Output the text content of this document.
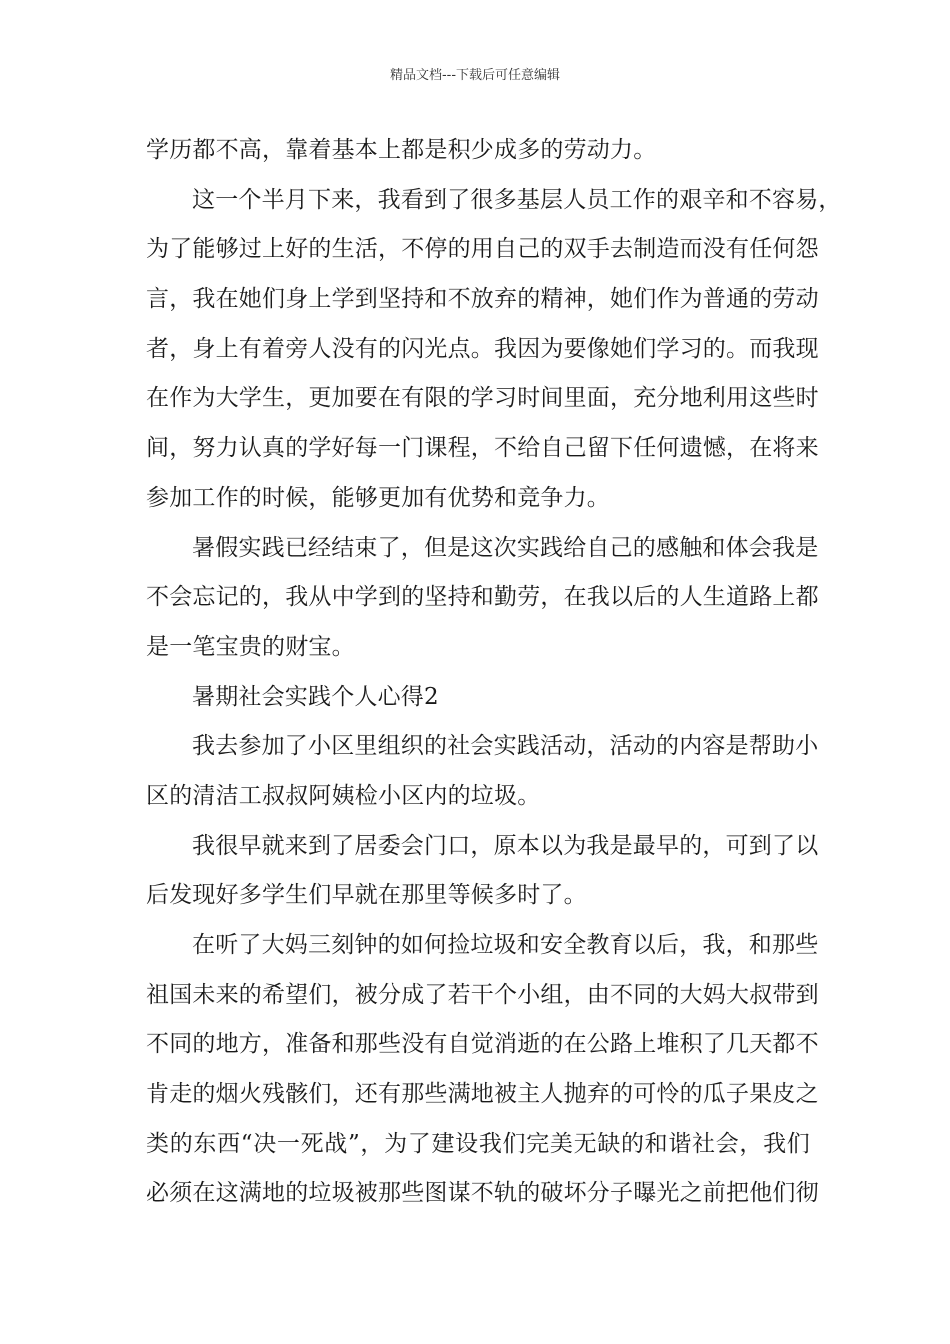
精品文档---下载后可任意编辑
学历都不高，靠着基本上都是积少成多的劳动力。
这一个半月下来，我看到了很多基层人员工作的艰辛和不容易，
为了能够过上好的生活，不停的用自己的双手去制造而没有任何怨
言，我在她们身上学到坚持和不放弃的精神，她们作为普通的劳动
者，身上有着旁人没有的闪光点。我因为要像她们学习的。而我现
在作为大学生，更加要在有限的学习时间里面，充分地利用这些时
间，努力认真的学好每一门课程，不给自己留下任何遗憾，在将来
参加工作的时候，能够更加有优势和竞争力。
暑假实践已经结束了，但是这次实践给自己的感触和体会我是
不会忘记的，我从中学到的坚持和勤劳，在我以后的人生道路上都
是一笔宝贵的财宝。
暑期社会实践个人心得2
我去参加了小区里组织的社会实践活动，活动的内容是帮助小
区的清洁工叔叔阿姨检小区内的垃圾。
我很早就来到了居委会门口，原本以为我是最早的，可到了以
后发现好多学生们早就在那里等候多时了。
在听了大妈三刻钟的如何捡垃圾和安全教育以后，我，和那些
祖国未来的希望们，被分成了若干个小组，由不同的大妈大叔带到
不同的地方，准备和那些没有自觉消逝的在公路上堆积了几天都不
肯走的烟火残骸们，还有那些满地被主人抛弃的可怜的瓜子果皮之
类的东西“决一死战”，为了建设我们完美无缺的和谐社会，我们
必须在这满地的垃圾被那些图谋不轨的破坏分子曝光之前把他们彻
